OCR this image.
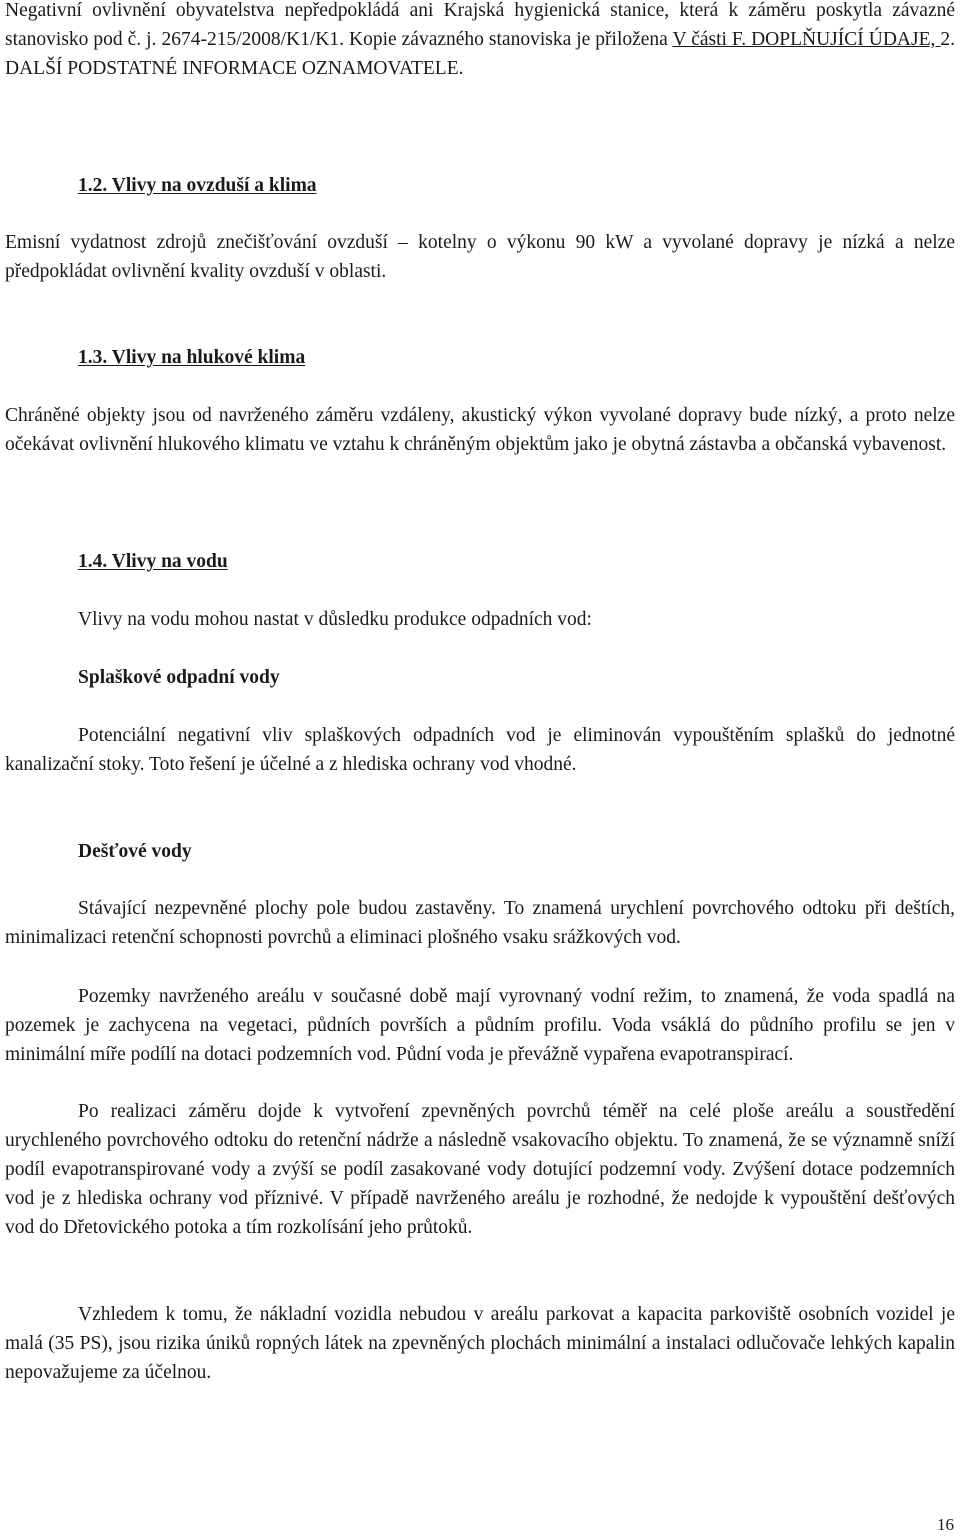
Negativní ovlivnění obyvatelstva nepředpokládá ani Krajská hygienická stanice, která k záměru poskytla závazné stanovisko pod č. j. 2674-215/2008/K1/K1. Kopie závazného stanoviska je přiložena V části F. DOPLŇUJÍCÍ ÚDAJE, 2. DALŠÍ PODSTATNÉ INFORMACE OZNAMOVATELE.

1.2. Vlivy na ovzduší a klima

Emisní vydatnost zdrojů znečišťování ovzduší – kotelny o výkonu 90 kW a vyvolané dopravy je nízká a nelze předpokládat ovlivnění kvality ovzduší v oblasti.

1.3. Vlivy na hlukové klima

Chráněné objekty jsou od navrženého záměru vzdáleny, akustický výkon vyvolané dopravy bude nízký, a proto nelze očekávat ovlivnění hlukového klimatu ve vztahu k chráněným objektům jako je obytná zástavba a občanská vybavenost.

1.4. Vlivy na vodu

Vlivy na vodu mohou nastat v důsledku produkce odpadních vod:

Splaškové odpadní vody

Potenciální negativní vliv splaškových odpadních vod je eliminován vypouštěním splašků do jednotné kanalizační stoky. Toto řešení je účelné a z hlediska ochrany vod vhodné.

Dešťové vody

Stávající nezpevněné plochy pole budou zastavěny. To znamená urychlení povrchového odtoku při deštích, minimalizaci retenční schopnosti povrchů a eliminaci plošného vsaku srážkových vod.

Pozemky navrženého areálu v současné době mají vyrovnaný vodní režim, to znamená, že voda spadlá na pozemek je zachycena na vegetaci, půdních površích a půdním profilu. Voda vsáklá do půdního profilu se jen v minimální míře podílí na dotaci podzemních vod. Půdní voda je převážně vypařena evapotranspirací.

Po realizaci záměru dojde k vytvoření zpevněných povrchů téměř na celé ploše areálu a soustředění urychleného povrchového odtoku do retenční nádrže a následně vsakovacího objektu. To znamená, že se významně sníží podíl evapotranspirované vody a zvýší se podíl zasakované vody dotující podzemní vody. Zvýšení dotace podzemních vod je z hlediska ochrany vod příznivé. V případě navrženého areálu je rozhodné, že nedojde k vypouštění dešťových vod do Dřetovického potoka a tím rozkolísání jeho průtoků.

Vzhledem k tomu, že nákladní vozidla nebudou v areálu parkovat a kapacita parkoviště osobních vozidel je malá (35 PS), jsou rizika úniků ropných látek na zpevněných plochách minimální a instalaci odlučovače lehkých kapalin nepovažujeme za účelnou.

16
